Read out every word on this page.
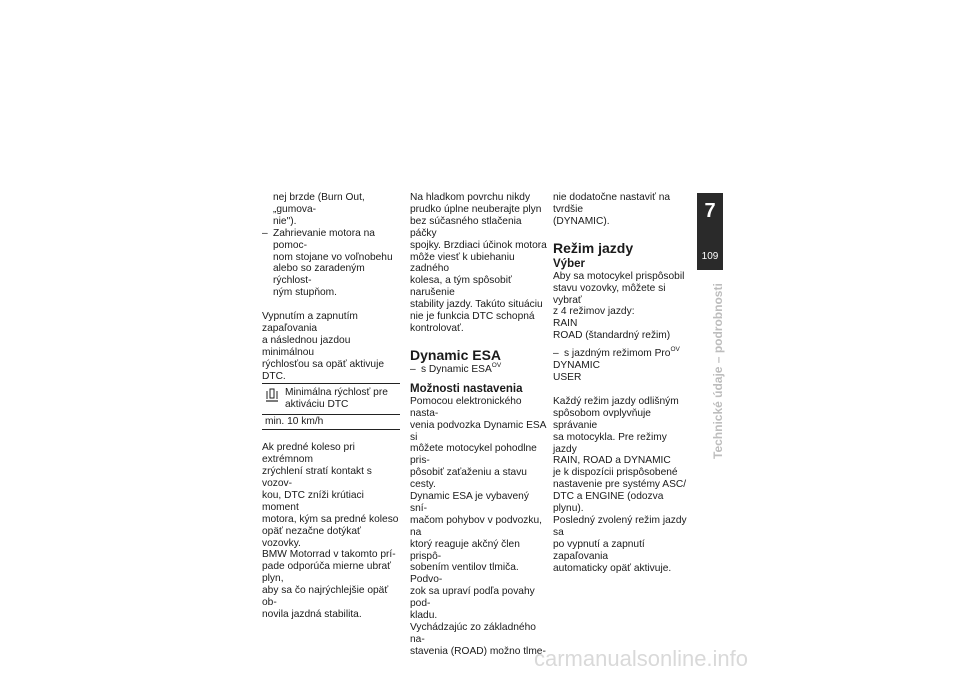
nej brzde (Burn Out, „gumova-
nie").

– Zahrievanie motora na pomoc-
nom stojane vo voľnobehu
alebo so zaradeným rýchlost-
ným stupňom.

Vypnutím a zapnutím zapaľovania
a následnou jazdou minimálnou
rýchlosťou sa opäť aktivuje DTC.

Minimálna rýchlosť pre
aktiváciu DTC
min. 10 km/h

Ak predné koleso pri extrémnom
zrýchlení stratí kontakt s vozov-
kou, DTC zníži krútiaci moment
motora, kým sa predné koleso
opäť nezačne dotýkať vozovky.
BMW Motorrad v takomto prí-
pade odporúča mierne ubrať plyn,
aby sa čo najrýchlejšie opäť ob-
novila jazdná stabilita.

Na hladkom povrchu nikdy
prudko úplne neuberajte plyn
bez súčasného stlačenia páčky
spojky. Brzdiaci účinok motora
môže viesť k ubiehaniu zadného
kolesa, a tým spôsobiť narušenie
stability jazdy. Takúto situáciu
nie je funkcia DTC schopná
kontrolovať.

Dynamic ESA
– s Dynamic $ESA^{OV}$
Možnosti nastavenia

Pomocou elektronického nasta-
venia podvozka Dynamic ESA si
môžete motocykel pohodlne pris-
pôsobiť zaťaženiu a stavu cesty.
Dynamic ESA je vybavený sní-
mačom pohybov v podvozku, na
ktorý reaguje akčný člen prispô-
sobením ventilov tlmiča. Podvo-
zok sa upraví podľa povahy pod-
kladu.
Vychádzajúc zo základného na-
stavenia (ROAD) možno tlme-

nie dodatočne nastaviť na tvrdšie
(DYNAMIC).

Režim jazdy
Výber

Aby sa motocykel prispôsobil
stavu vozovky, môžete si vybrať
z 4 režimov jazdy:
RAIN
ROAD (štandardný režim)

– s jazdným režimom Pro$^{OV}$

DYNAMIC
USER

Každý režim jazdy odlišným
spôsobom ovplyvňuje správanie
sa motocykla. Pre režimy jazdy
RAIN, ROAD a DYNAMIC
je k dispozícii prispôsobené
nastavenie pre systémy ASC/
DTC a ENGINE (odozva plynu).
Posledný zvolený režim jazdy sa
po vypnutí a zapnutí zapaľovania
automaticky opäť aktivuje.

7
109
Technické údaje – podrobnosti
carmanualsonline.info
